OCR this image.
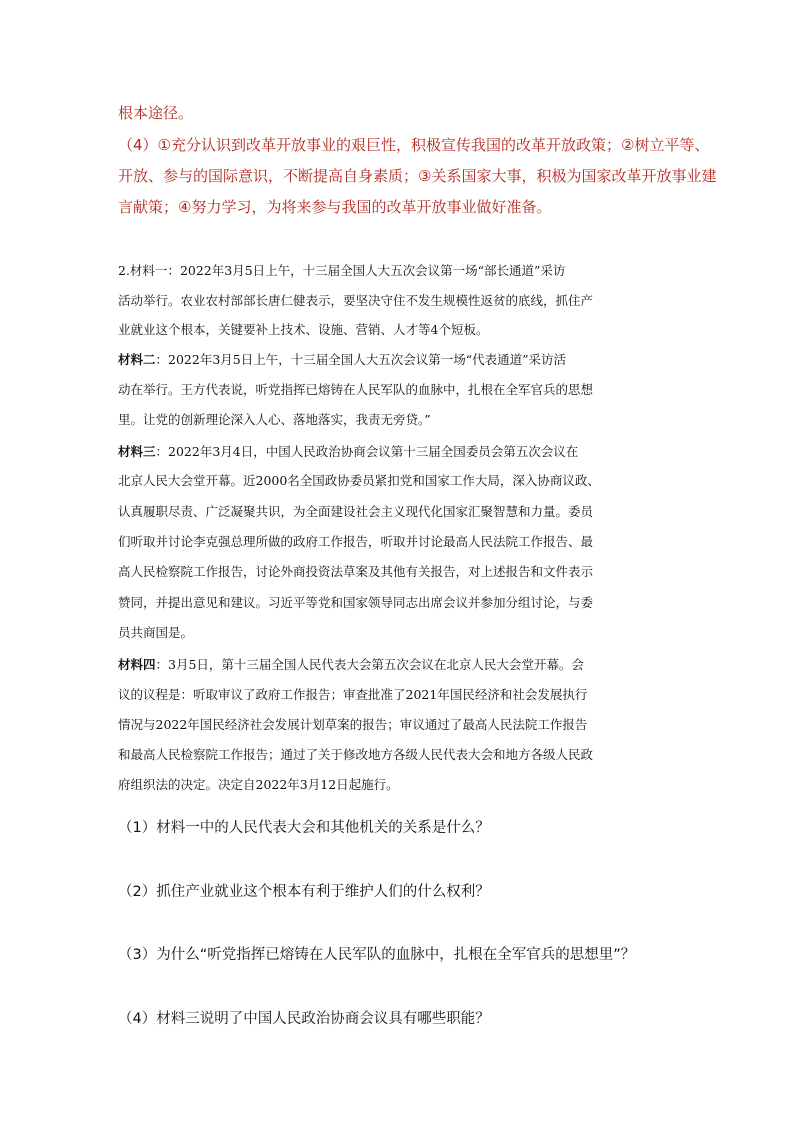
根本途径。
（4）①充分认识到改革开放事业的艰巨性，积极宣传我国的改革开放政策；②树立平等、
开放、参与的国际意识，不断提高自身素质；③关系国家大事，积极为国家改革开放事业建
言献策；④努力学习，为将来参与我国的改革开放事业做好准备。
2.材料一：2022年3月5日上午，十三届全国人大五次会议第一场“部长通道”采访
活动举行。农业农村部部长唐仁健表示，要坚决守住不发生规模性返贫的底线，抓住产
业就业这个根本，关键要补上技术、设施、营销、人才等4个短板。
材料二：2022年3月5日上午，十三届全国人大五次会议第一场“代表通道”采访活
动在举行。王方代表说，听党指挥已熔铸在人民军队的血脉中，扎根在全军官兵的思想
里。让党的创新理论深入人心、落地落实，我责无旁贷。”
材料三：2022年3月4日，中国人民政治协商会议第十三届全国委员会第五次会议在
北京人民大会堂开幕。近2000名全国政协委员紧扣党和国家工作大局，深入协商议政、
认真履职尽责、广泛凝聚共识，为全面建设社会主义现代化国家汇聚智慧和力量。委员
们听取并讨论李克强总理所做的政府工作报告，听取并讨论最高人民法院工作报告、最
高人民检察院工作报告，讨论外商投资法草案及其他有关报告，对上述报告和文件表示
赞同，并提出意见和建议。习近平等党和国家领导同志出席会议并参加分组讨论，与委
员共商国是。
材料四：3月5日，第十三届全国人民代表大会第五次会议在北京人民大会堂开幕。会
议的议程是：听取审议了政府工作报告；审查批准了2021年国民经济和社会发展执行
情况与2022年国民经济社会发展计划草案的报告；审议通过了最高人民法院工作报告
和最高人民检察院工作报告；通过了关于修改地方各级人民代表大会和地方各级人民政
府组织法的决定。决定自2022年3月12日起施行。
（1）材料一中的人民代表大会和其他机关的关系是什么？
（2）抓住产业就业这个根本有利于维护人们的什么权利？
（3）为什么“听党指挥已熔铸在人民军队的血脉中，扎根在全军官兵的思想里”？
（4）材料三说明了中国人民政治协商会议具有哪些职能？
